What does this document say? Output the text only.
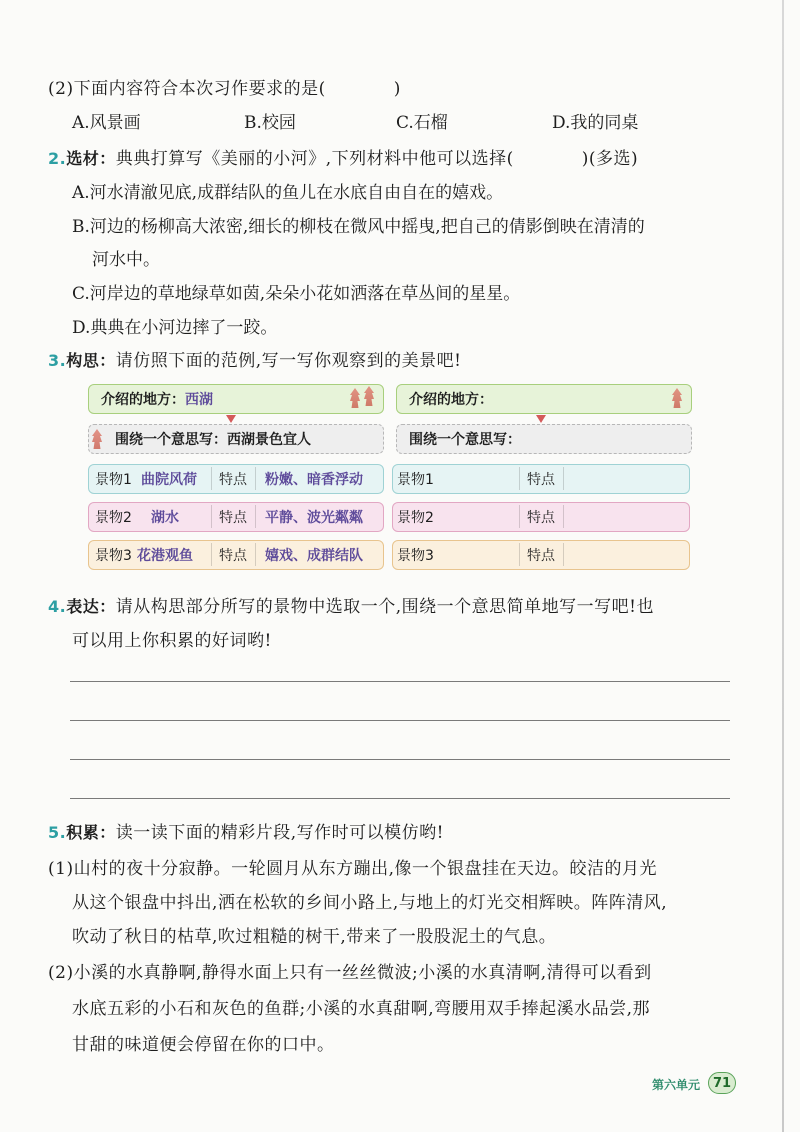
(2)下面内容符合本次习作要求的是(	)
A.风景画	B.校园	C.石榴	D.我的同桌
2.选材：典典打算写《美丽的小河》,下列材料中他可以选择(	)(多选)
A.河水清澈见底,成群结队的鱼儿在水底自由自在的嬉戏。
B.河边的杨柳高大浓密,细长的柳枝在微风中摇曳,把自己的倩影倒映在清清的
河水中。
C.河岸边的草地绿草如茵,朵朵小花如洒落在草丛间的星星。
D.典典在小河边摔了一跤。
3.构思：请仿照下面的范例,写一写你观察到的美景吧!
介绍的地方： 西湖
围绕一个意思写： 西湖景色宜人
景物1 曲院风荷 特点 粉嫩、暗香浮动
景物2 湖水	特点 平静、波光粼粼
景物3 花港观鱼 特点 嬉戏、成群结队
介绍的地方：
围绕一个意思写：
景物1	特点
景物2	特点
景物3	特点
4.表达：请从构思部分所写的景物中选取一个,围绕一个意思简单地写一写吧!也
可以用上你积累的好词哟!
5.积累：读一读下面的精彩片段,写作时可以模仿哟!
(1)山村的夜十分寂静。一轮圆月从东方蹦出,像一个银盘挂在天边。皎洁的月光
从这个银盘中抖出,洒在松软的乡间小路上,与地上的灯光交相辉映。阵阵清风,
吹动了秋日的枯草,吹过粗糙的树干,带来了一股股泥土的气息。
(2)小溪的水真静啊,静得水面上只有一丝丝微波;小溪的水真清啊,清得可以看到
水底五彩的小石和灰色的鱼群;小溪的水真甜啊,弯腰用双手捧起溪水品尝,那
甘甜的味道便会停留在你的口中。
第六单元 71
